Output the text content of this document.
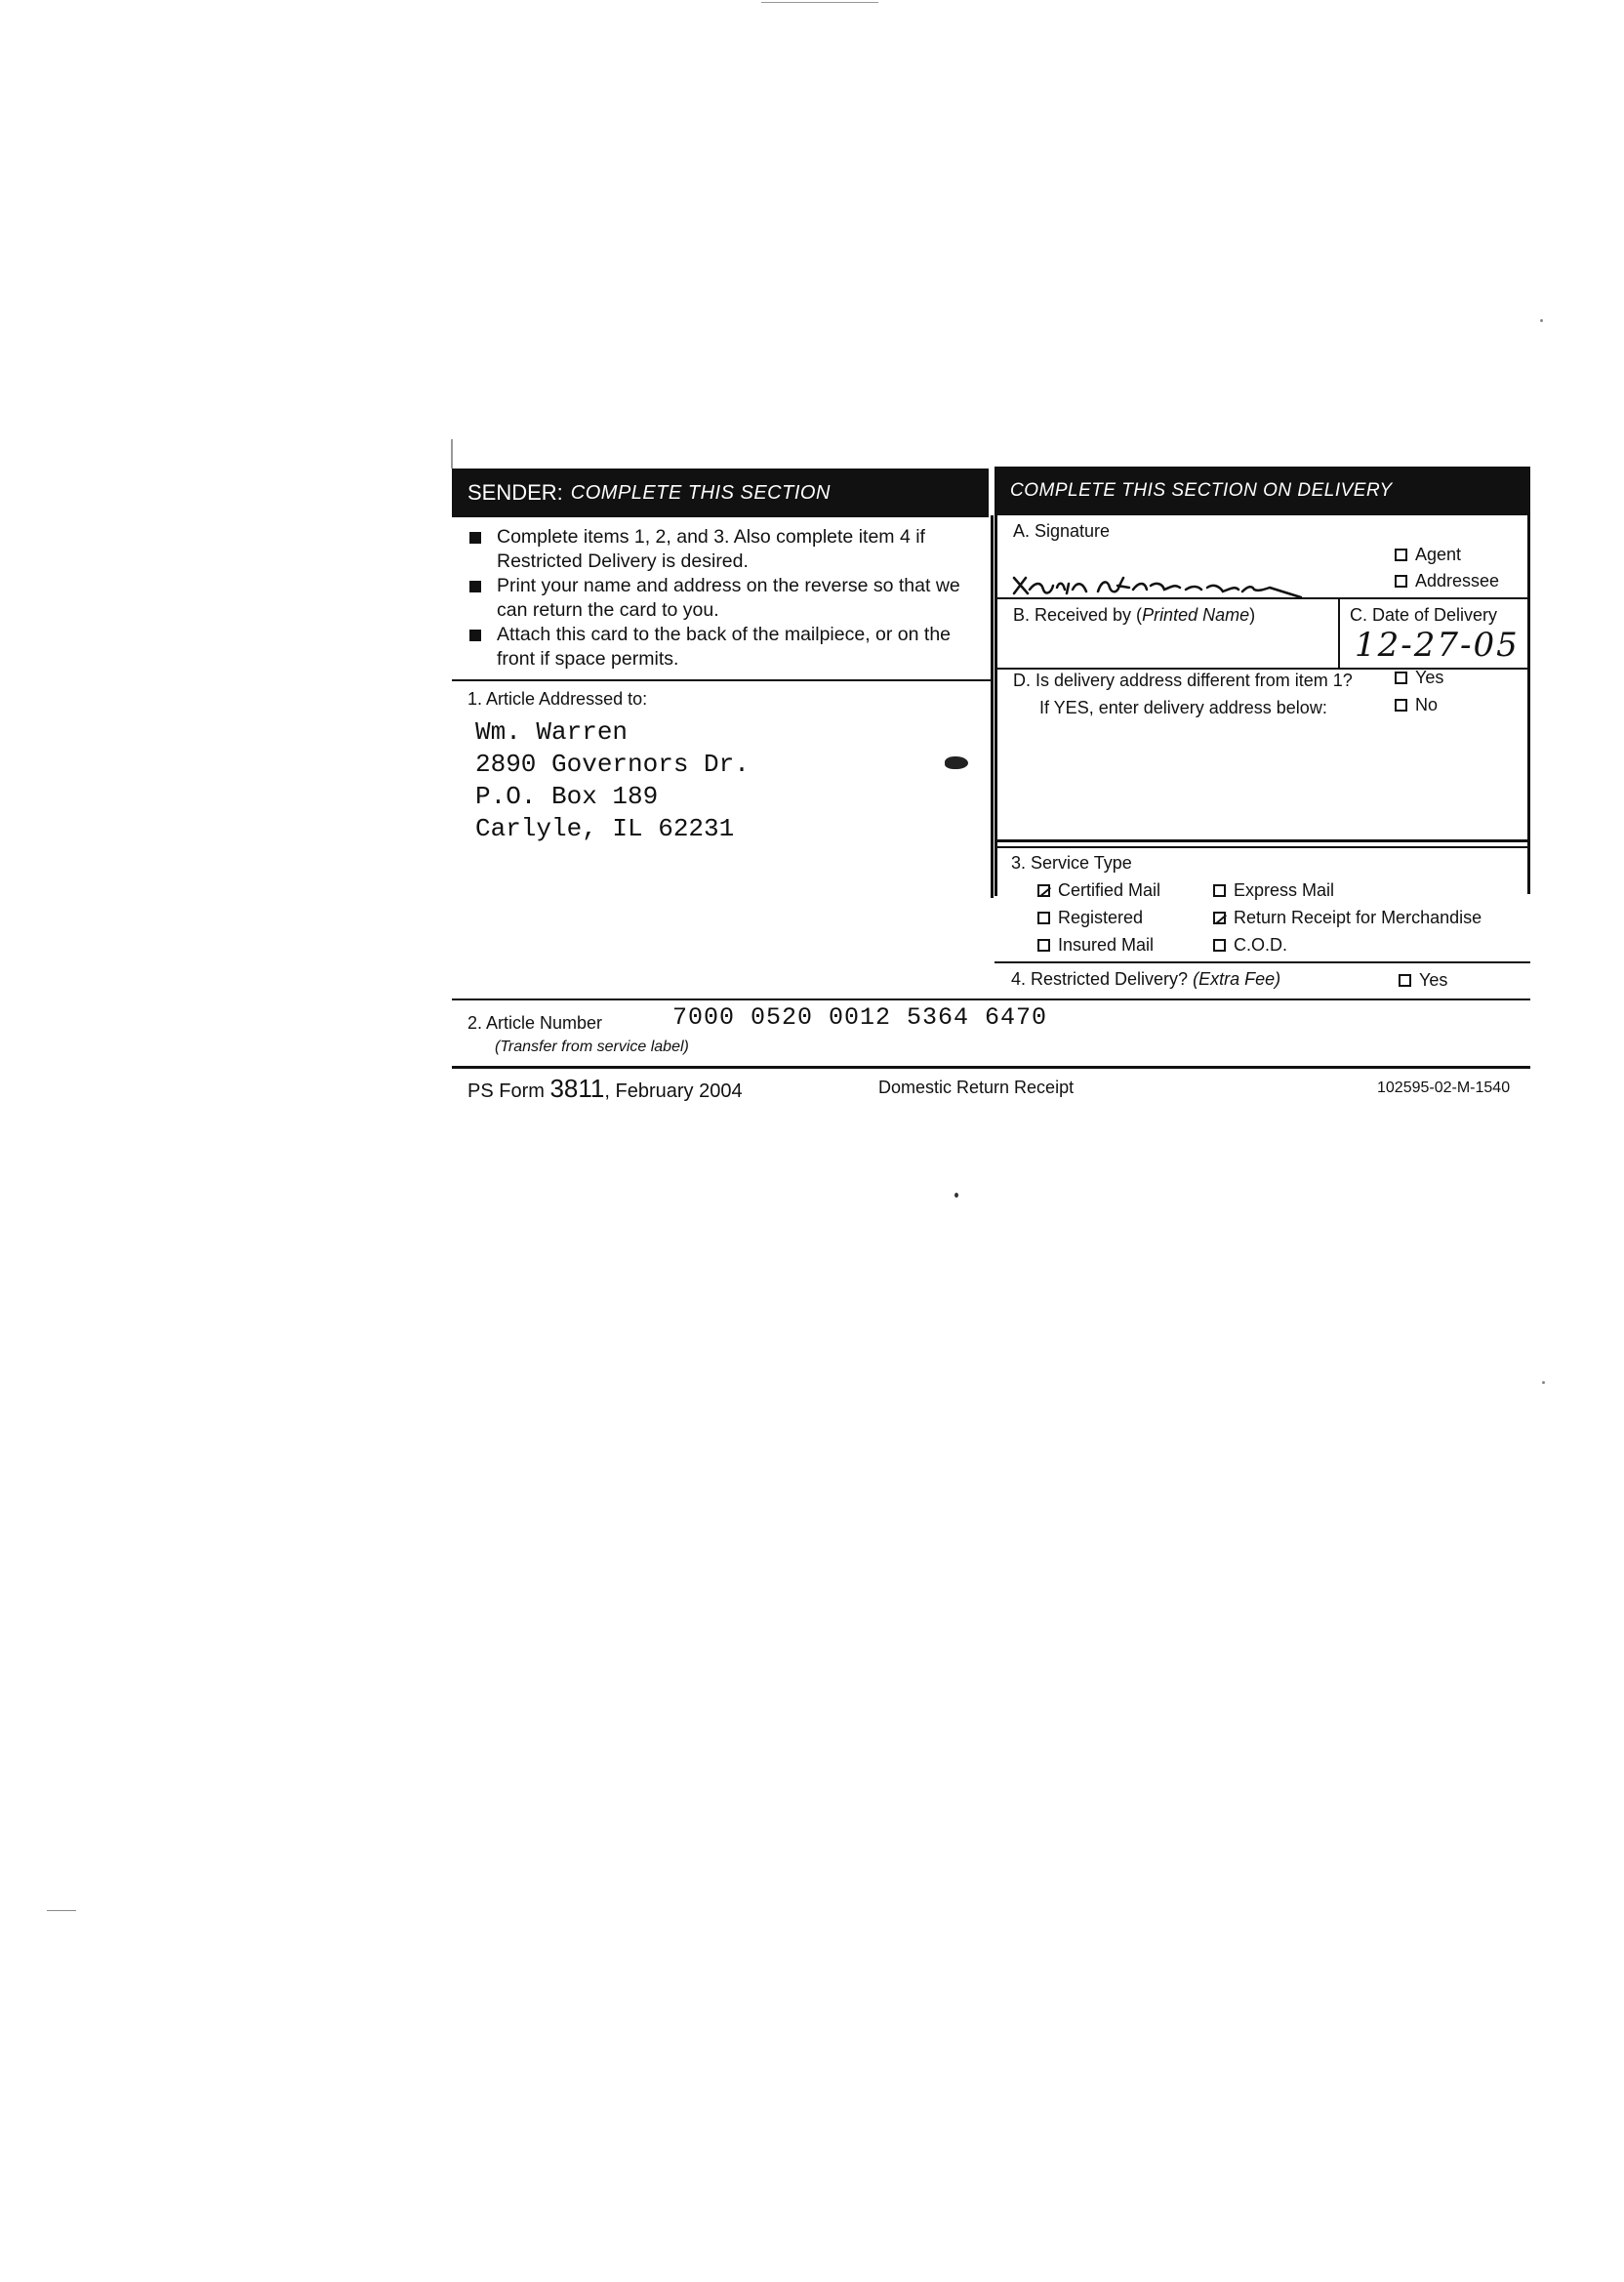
SENDER: COMPLETE THIS SECTION	COMPLETE THIS SECTION ON DELIVERY
Complete items 1, 2, and 3. Also complete item 4 if Restricted Delivery is desired.
Print your name and address on the reverse so that we can return the card to you.
Attach this card to the back of the mailpiece, or on the front if space permits.
1. Article Addressed to:
Wm. Warren
2890 Governors Dr.
P.O. Box 189
Carlyle, IL 62231
A. Signature
Agent
Addressee
B. Received by (Printed Name)	C. Date of Delivery
12-27-05
D. Is delivery address different from item 1?
If YES, enter delivery address below:
Yes
No
3. Service Type
Certified Mail	Express Mail
Registered	Return Receipt for Merchandise
Insured Mail	C.O.D.
4. Restricted Delivery? (Extra Fee)	Yes
2. Article Number	7000 0520 0012 5364 6470
(Transfer from service label)
PS Form 3811, February 2004	Domestic Return Receipt	102595-02-M-1540
